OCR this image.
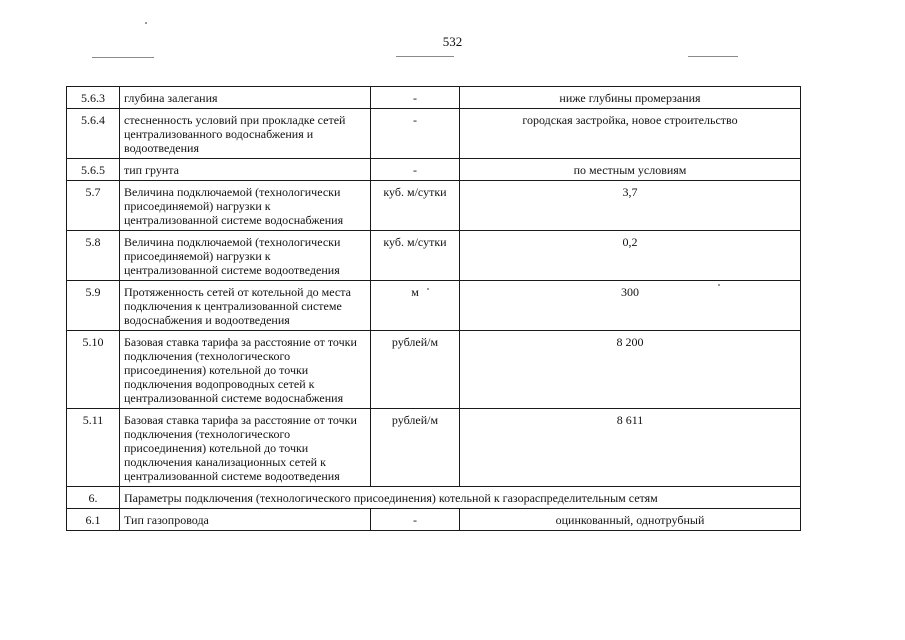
532
5.6.3	глубина залегания	-	ниже глубины промерзания
5.6.4	стесненность условий при прокладке сетей централизованного водоснабжения и водоотведения	-	городская застройка, новое строительство
5.6.5	тип грунта	-	по местным условиям
5.7	Величина подключаемой (технологически присоединяемой) нагрузки к централизованной системе водоснабжения	куб. м/сутки	3,7
5.8	Величина подключаемой (технологически присоединяемой) нагрузки к централизованной системе водоотведения	куб. м/сутки	0,2
5.9	Протяженность сетей от котельной до места подключения к централизованной системе водоснабжения и водоотведения	м	300
5.10	Базовая ставка тарифа за расстояние от точки подключения (технологического присоединения) котельной до точки подключения водопроводных сетей к централизованной системе водоснабжения	рублей/м	8 200
5.11	Базовая ставка тарифа за расстояние от точки подключения (технологического присоединения) котельной до точки подключения канализационных сетей к централизованной системе водоотведения	рублей/м	8 611
6.	Параметры подключения (технологического присоединения) котельной к газораспределительным сетям		
6.1	Тип газопровода	-	оцинкованный, однотрубный
